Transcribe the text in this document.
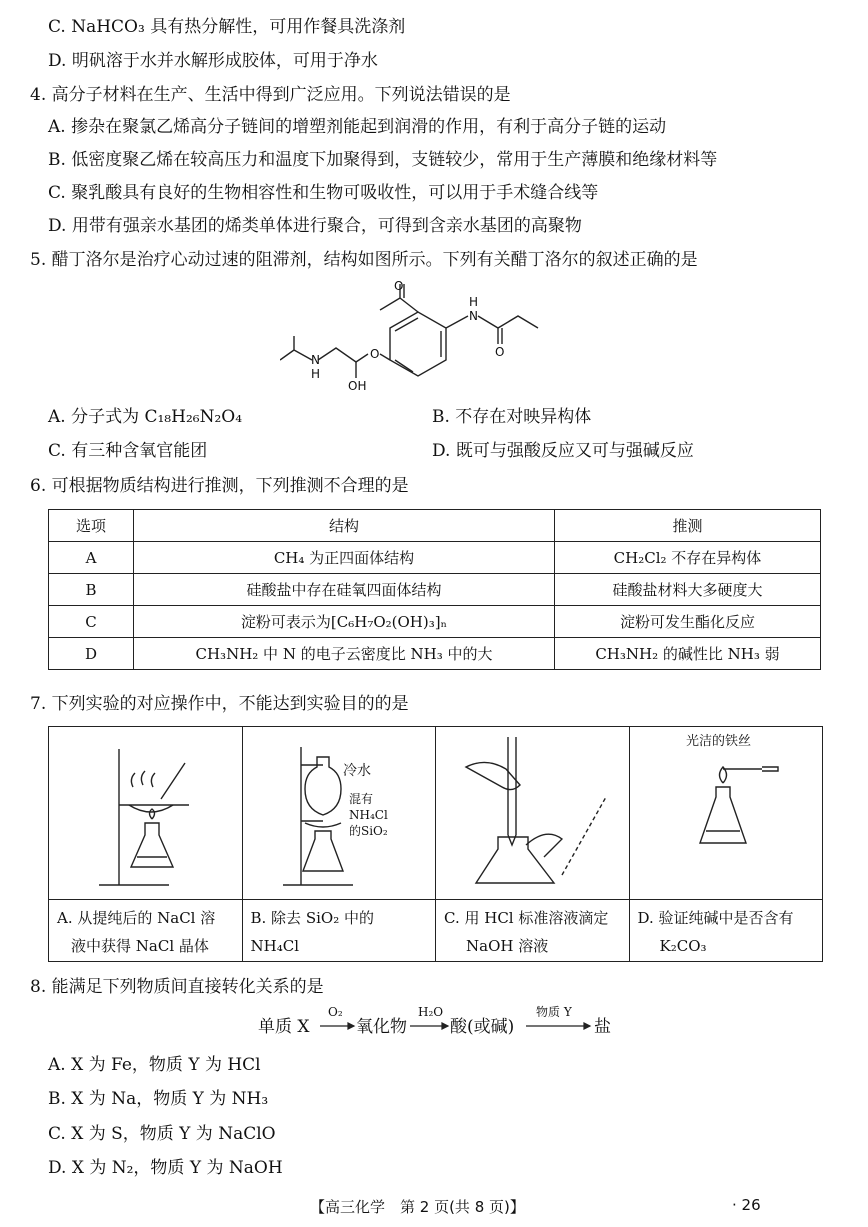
C. NaHCO₃ 具有热分解性，可用作餐具洗涤剂
D. 明矾溶于水并水解形成胶体，可用于净水
4. 高分子材料在生产、生活中得到广泛应用。下列说法错误的是
A. 掺杂在聚氯乙烯高分子链间的增塑剂能起到润滑的作用，有利于高分子链的运动
B. 低密度聚乙烯在较高压力和温度下加聚得到，支链较少，常用于生产薄膜和绝缘材料等
C. 聚乳酸具有良好的生物相容性和生物可吸收性，可以用于手术缝合线等
D. 用带有强亲水基团的烯类单体进行聚合，可得到含亲水基团的高聚物
5. 醋丁洛尔是治疗心动过速的阻滞剂，结构如图所示。下列有关醋丁洛尔的叙述正确的是
O
N
H
O
O
N
H
OH
A. 分子式为 C₁₈H₂₆N₂O₄	B. 不存在对映异构体
C. 有三种含氧官能团	D. 既可与强酸反应又可与强碱反应
6. 可根据物质结构进行推测，下列推测不合理的是
选项	结构	推测
A	CH₄ 为正四面体结构	CH₂Cl₂ 不存在异构体
B	硅酸盐中存在硅氧四面体结构	硅酸盐材料大多硬度大
C	淀粉可表示为[C₆H₇O₂(OH)₃]ₙ	淀粉可发生酯化反应
D	CH₃NH₂ 中 N 的电子云密度比 NH₃ 中的大	CH₃NH₂ 的碱性比 NH₃ 弱
7. 下列实验的对应操作中，不能达到实验目的的是
A. 从提纯后的 NaCl 溶
液中获得 NaCl 晶体
冷水
混有
NH₄Cl
的SiO₂
B. 除去 SiO₂ 中的 NH₄Cl
C. 用 HCl 标准溶液滴定
NaOH 溶液
光洁的铁丝
D. 验证纯碱中是否含有
K₂CO₃
8. 能满足下列物质间直接转化关系的是
单质 X
O₂
氧化物
H₂O
酸(或碱)
物质 Y
盐
A. X 为 Fe，物质 Y 为 HCl
B. X 为 Na，物质 Y 为 NH₃
C. X 为 S，物质 Y 为 NaClO
D. X 为 N₂，物质 Y 为 NaOH
【高三化学　第 2 页(共 8 页)】	· 26
